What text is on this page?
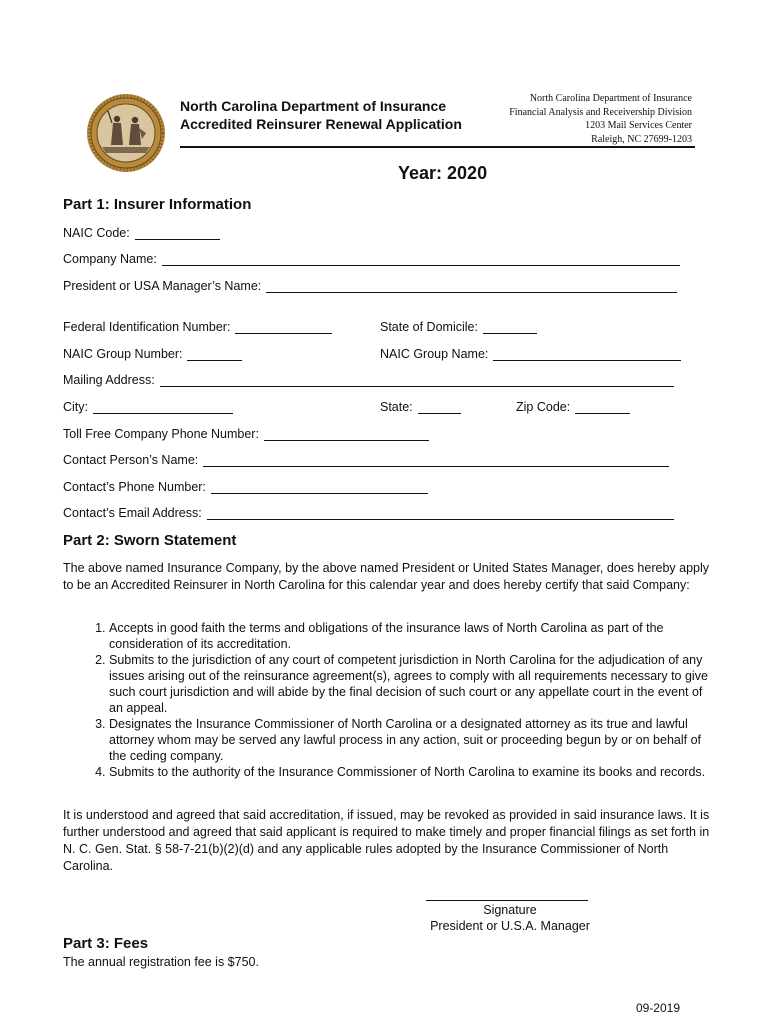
North Carolina Department of Insurance
Accredited Reinsurer Renewal Application
North Carolina Department of Insurance
Financial Analysis and Receivership Division
1203 Mail Services Center
Raleigh, NC 27699-1203
Year: 2020
Part 1: Insurer Information
NAIC Code:
Company Name:
President or USA Manager’s Name:
Federal Identification Number:	State of Domicile:
NAIC Group Number:	NAIC Group Name:
Mailing Address:
City:	State:	Zip Code:
Toll Free Company Phone Number:
Contact Person’s Name:
Contact’s Phone Number:
Contact’s Email Address:
Part 2: Sworn Statement
The above named Insurance Company, by the above named President or United States Manager, does hereby apply to be an Accredited Reinsurer in North Carolina for this calendar year and does hereby certify that said Company:
1. Accepts in good faith the terms and obligations of the insurance laws of North Carolina as part of the consideration of its accreditation.
2. Submits to the jurisdiction of any court of competent jurisdiction in North Carolina for the adjudication of any issues arising out of the reinsurance agreement(s), agrees to comply with all requirements necessary to give such court jurisdiction and will abide by the final decision of such court or any appellate court in the event of an appeal.
3. Designates the Insurance Commissioner of North Carolina or a designated attorney as its true and lawful attorney whom may be served any lawful process in any action, suit or proceeding begun by or on behalf of the ceding company.
4. Submits to the authority of the Insurance Commissioner of North Carolina to examine its books and records.
It is understood and agreed that said accreditation, if issued, may be revoked as provided in said insurance laws. It is further understood and agreed that said applicant is required to make timely and proper financial filings as set forth in N. C. Gen. Stat. § 58-7-21(b)(2)(d) and any applicable rules adopted by the Insurance Commissioner of North Carolina.
Signature
President or U.S.A. Manager
Part 3: Fees
The annual registration fee is $750.
09-2019
